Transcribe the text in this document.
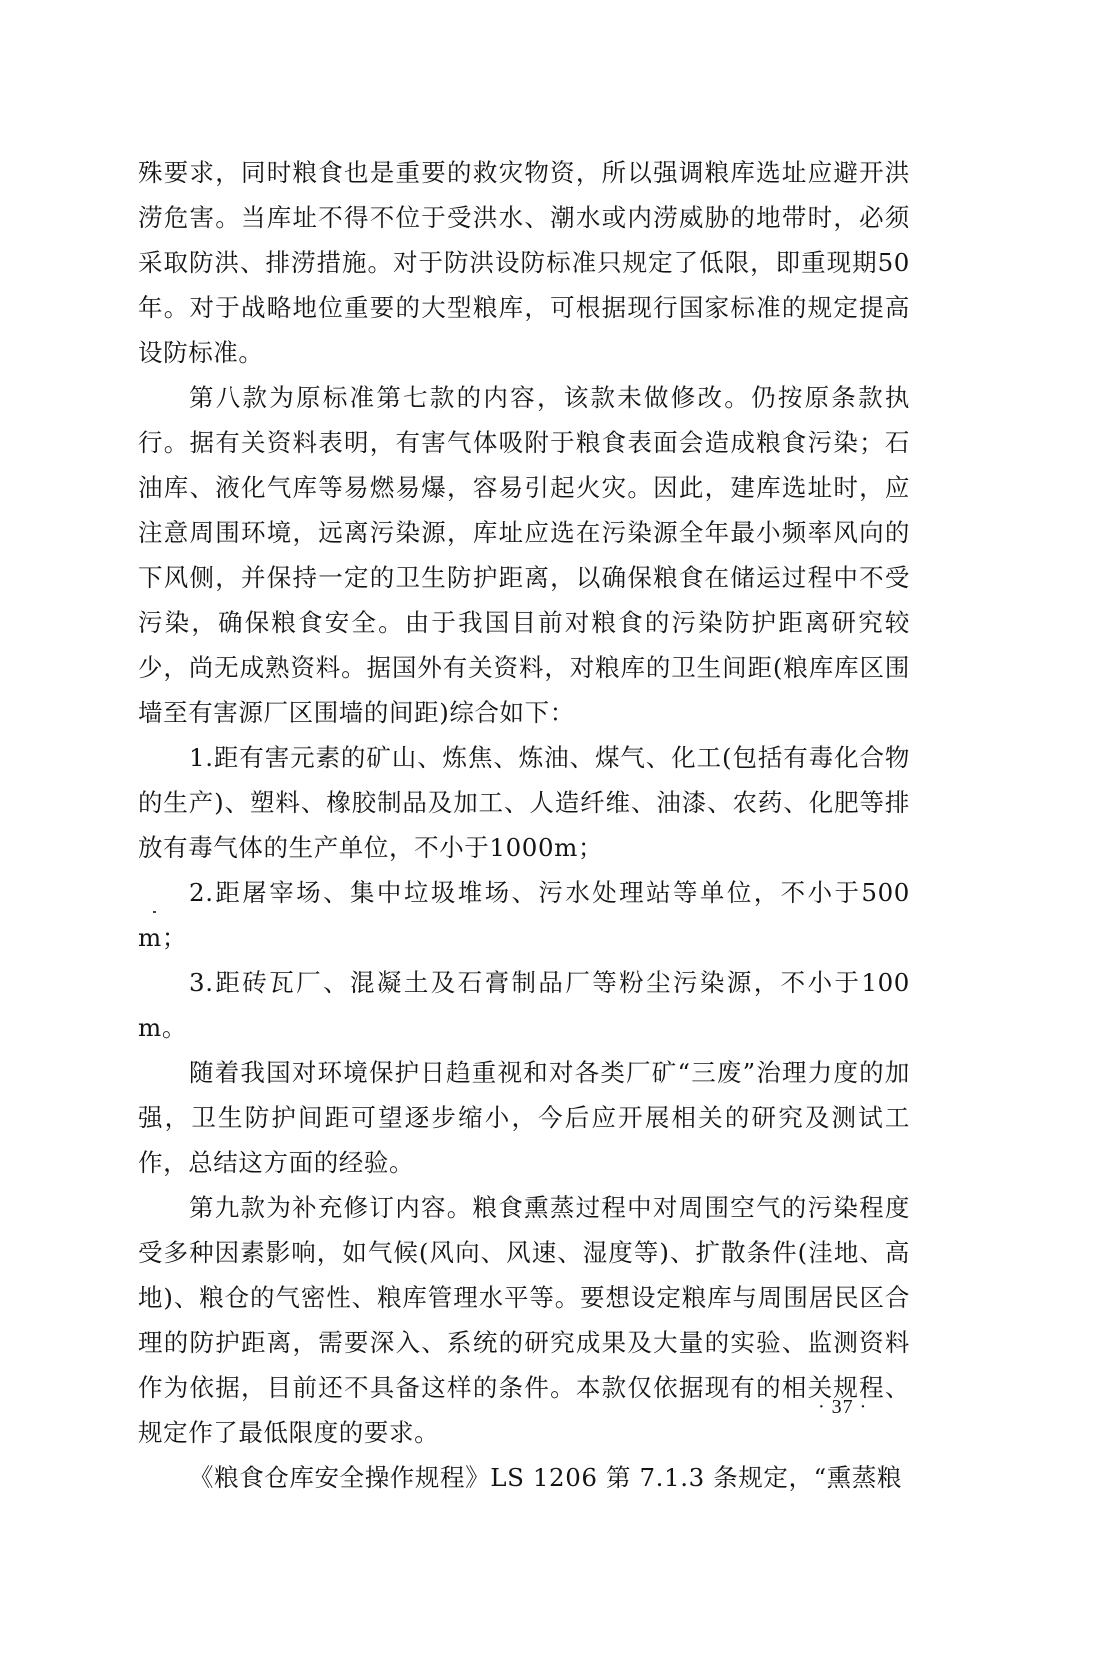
殊要求，同时粮食也是重要的救灾物资，所以强调粮库选址应避开洪涝危害。当库址不得不位于受洪水、潮水或内涝威胁的地带时，必须采取防洪、排涝措施。对于防洪设防标准只规定了低限，即重现期50年。对于战略地位重要的大型粮库，可根据现行国家标准的规定提高设防标准。

第八款为原标准第七款的内容，该款未做修改。仍按原条款执行。据有关资料表明，有害气体吸附于粮食表面会造成粮食污染；石油库、液化气库等易燃易爆，容易引起火灾。因此，建库选址时，应注意周围环境，远离污染源，库址应选在污染源全年最小频率风向的下风侧，并保持一定的卫生防护距离，以确保粮食在储运过程中不受污染，确保粮食安全。由于我国目前对粮食的污染防护距离研究较少，尚无成熟资料。据国外有关资料，对粮库的卫生间距(粮库库区围墙至有害源厂区围墙的间距)综合如下：

1.距有害元素的矿山、炼焦、炼油、煤气、化工(包括有毒化合物的生产)、塑料、橡胶制品及加工、人造纤维、油漆、农药、化肥等排放有毒气体的生产单位，不小于1000m；

2.距屠宰场、集中垃圾堆场、污水处理站等单位，不小于500m；

3.距砖瓦厂、混凝土及石膏制品厂等粉尘污染源，不小于100m。

随着我国对环境保护日趋重视和对各类厂矿“三废”治理力度的加强，卫生防护间距可望逐步缩小，今后应开展相关的研究及测试工作，总结这方面的经验。

第九款为补充修订内容。粮食熏蒸过程中对周围空气的污染程度受多种因素影响，如气候(风向、风速、湿度等)、扩散条件(洼地、高地)、粮仓的气密性、粮库管理水平等。要想设定粮库与周围居民区合理的防护距离，需要深入、系统的研究成果及大量的实验、监测资料作为依据，目前还不具备这样的条件。本款仅依据现有的相关规程、规定作了最低限度的要求。

《粮食仓库安全操作规程》LS 1206 第 7.1.3 条规定，“熏蒸粮

· 37 ·
